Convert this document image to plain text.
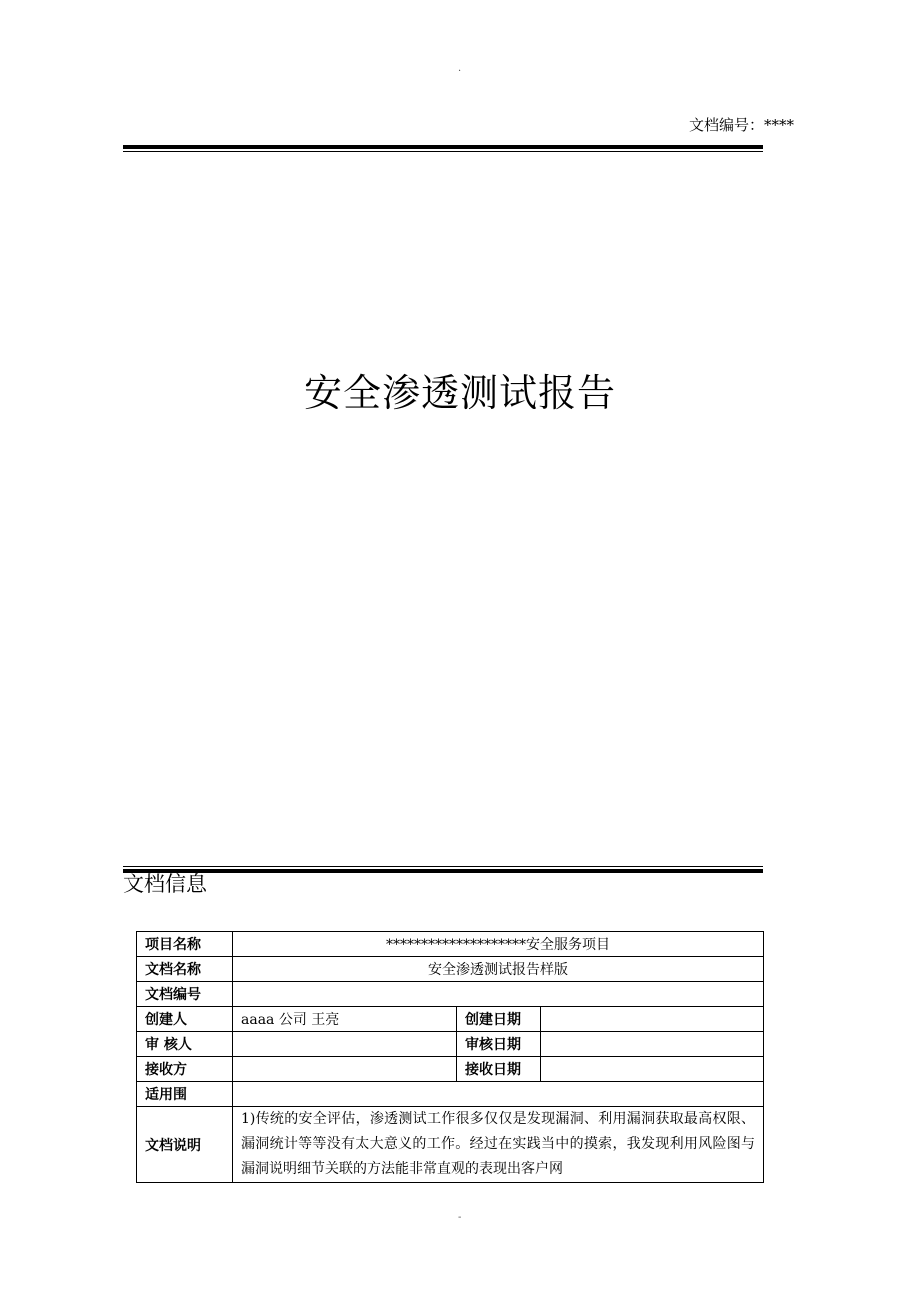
·
文档编号：****
安全渗透测试报告
文档信息
项目名称	********************安全服务项目		
文档名称	安全渗透测试报告样版		
文档编号			
创建人	aaaa 公司 王亮	创建日期	
审 核人		审核日期	
接收方		接收日期	
适用围			
文档说明	1)传统的安全评估，渗透测试工作很多仅仅是发现漏洞、利用漏洞获取最高权限、漏洞统计等等没有太大意义的工作。经过在实践当中的摸索，我发现利用风险图与漏洞说明细节关联的方法能非常直观的表现出客户网		
-
